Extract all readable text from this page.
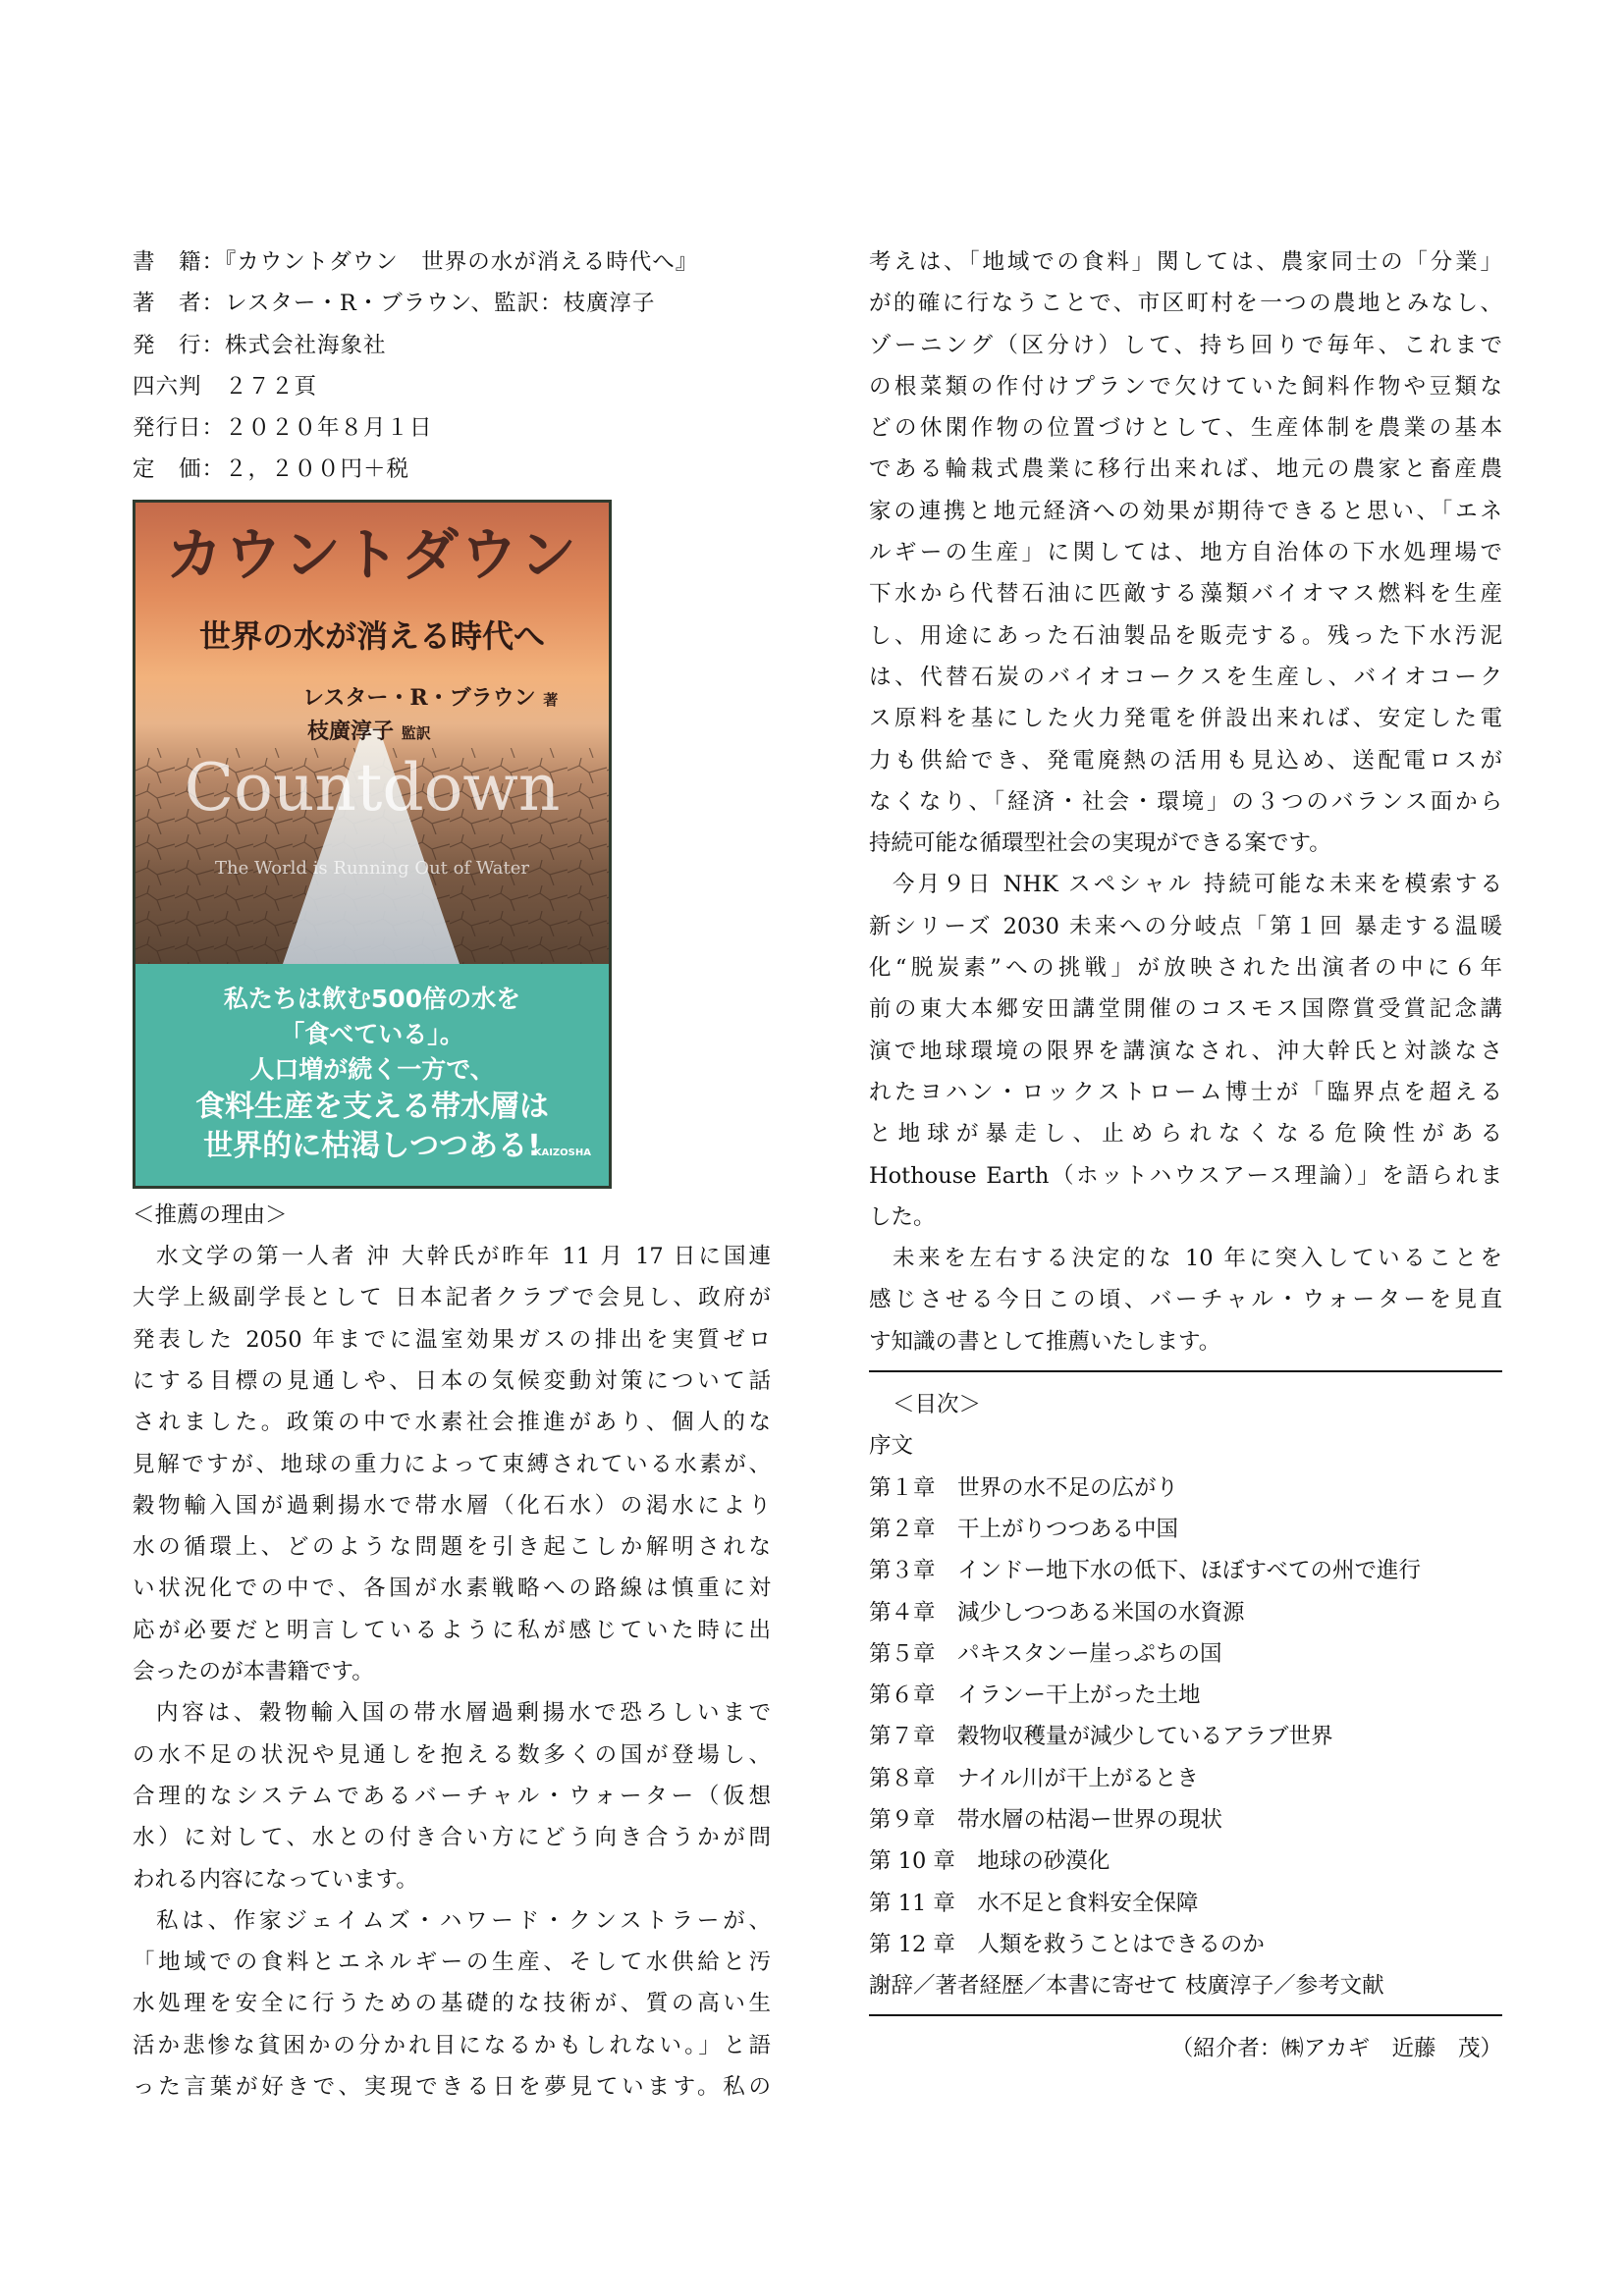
書　籍：『カウントダウン　世界の水が消える時代へ』
著　者：レスター・R・ブラウン、監訳：枝廣淳子
発　行：株式会社海象社
四六判　２７２頁
発行日：２０２０年８月１日
定　価：２，２００円＋税
カウントダウン
世界の水が消える時代へ
レスター・R・ブラウン 著
枝廣淳子 監訳
Countdown
The World is Running Out of Water
私たちは飲む500倍の水を
「食べている」。
人口増が続く一方で、
食料生産を支える帯水層は
世界的に枯渇しつつある!
KAIZOSHA
＜推薦の理由＞
水文学の第一人者 沖 大幹氏が昨年 11 月 17 日に国連
大学上級副学長として 日本記者クラブで会見し、政府が
発表した 2050 年までに温室効果ガスの排出を実質ゼロ
にする目標の見通しや、日本の気候変動対策について話
されました。政策の中で水素社会推進があり、個人的な
見解ですが、地球の重力によって束縛されている水素が、
穀物輸入国が過剰揚水で帯水層（化石水）の渇水により
水の循環上、どのような問題を引き起こしか解明されな
い状況化での中で、各国が水素戦略への路線は慎重に対
応が必要だと明言しているように私が感じていた時に出
会ったのが本書籍です。
内容は、穀物輸入国の帯水層過剰揚水で恐ろしいまで
の水不足の状況や見通しを抱える数多くの国が登場し、
合理的なシステムであるバーチャル・ウォーター（仮想
水）に対して、水との付き合い方にどう向き合うかが問
われる内容になっています。
私は、作家ジェイムズ・ハワード・クンストラーが、
「地域での食料とエネルギーの生産、そして水供給と汚
水処理を安全に行うための基礎的な技術が、質の高い生
活か悲惨な貧困かの分かれ目になるかもしれない。」と語
った言葉が好きで、実現できる日を夢見ています。私の
考えは、「地域での食料」関しては、農家同士の「分業」
が的確に行なうことで、市区町村を一つの農地とみなし、
ゾーニング（区分け）して、持ち回りで毎年、これまで
の根菜類の作付けプランで欠けていた飼料作物や豆類な
どの休閑作物の位置づけとして、生産体制を農業の基本
である輪栽式農業に移行出来れば、地元の農家と畜産農
家の連携と地元経済への効果が期待できると思い、「エネ
ルギーの生産」に関しては、地方自治体の下水処理場で
下水から代替石油に匹敵する藻類バイオマス燃料を生産
し、用途にあった石油製品を販売する。残った下水汚泥
は、代替石炭のバイオコークスを生産し、バイオコーク
ス原料を基にした火力発電を併設出来れば、安定した電
力も供給でき、発電廃熱の活用も見込め、送配電ロスが
なくなり、「経済・社会・環境」の３つのバランス面から
持続可能な循環型社会の実現ができる案です。
今月９日 NHK スペシャル 持続可能な未来を模索する
新シリーズ 2030 未来への分岐点「第１回 暴走する温暖
化“脱炭素”への挑戦」が放映された出演者の中に６年
前の東大本郷安田講堂開催のコスモス国際賞受賞記念講
演で地球環境の限界を講演なされ、沖大幹氏と対談なさ
れたヨハン・ロックストローム博士が「臨界点を超える
と地球が暴走し、止められなくなる危険性がある
Hothouse Earth（ホットハウスアース理論）」を語られま
した。
未来を左右する決定的な 10 年に突入していることを
感じさせる今日この頃、バーチャル・ウォーターを見直
す知識の書として推薦いたします。
＜目次＞
序文
第１章　世界の水不足の広がり
第２章　干上がりつつある中国
第３章　インドー地下水の低下、ほぼすべての州で進行
第４章　減少しつつある米国の水資源
第５章　パキスタンー崖っぷちの国
第６章　イランー干上がった土地
第７章　穀物収穫量が減少しているアラブ世界
第８章　ナイル川が干上がるとき
第９章　帯水層の枯渇ー世界の現状
第 10 章　地球の砂漠化
第 11 章　水不足と食料安全保障
第 12 章　人類を救うことはできるのか
謝辞／著者経歴／本書に寄せて 枝廣淳子／参考文献
（紹介者：㈱アカギ　近藤　茂）
